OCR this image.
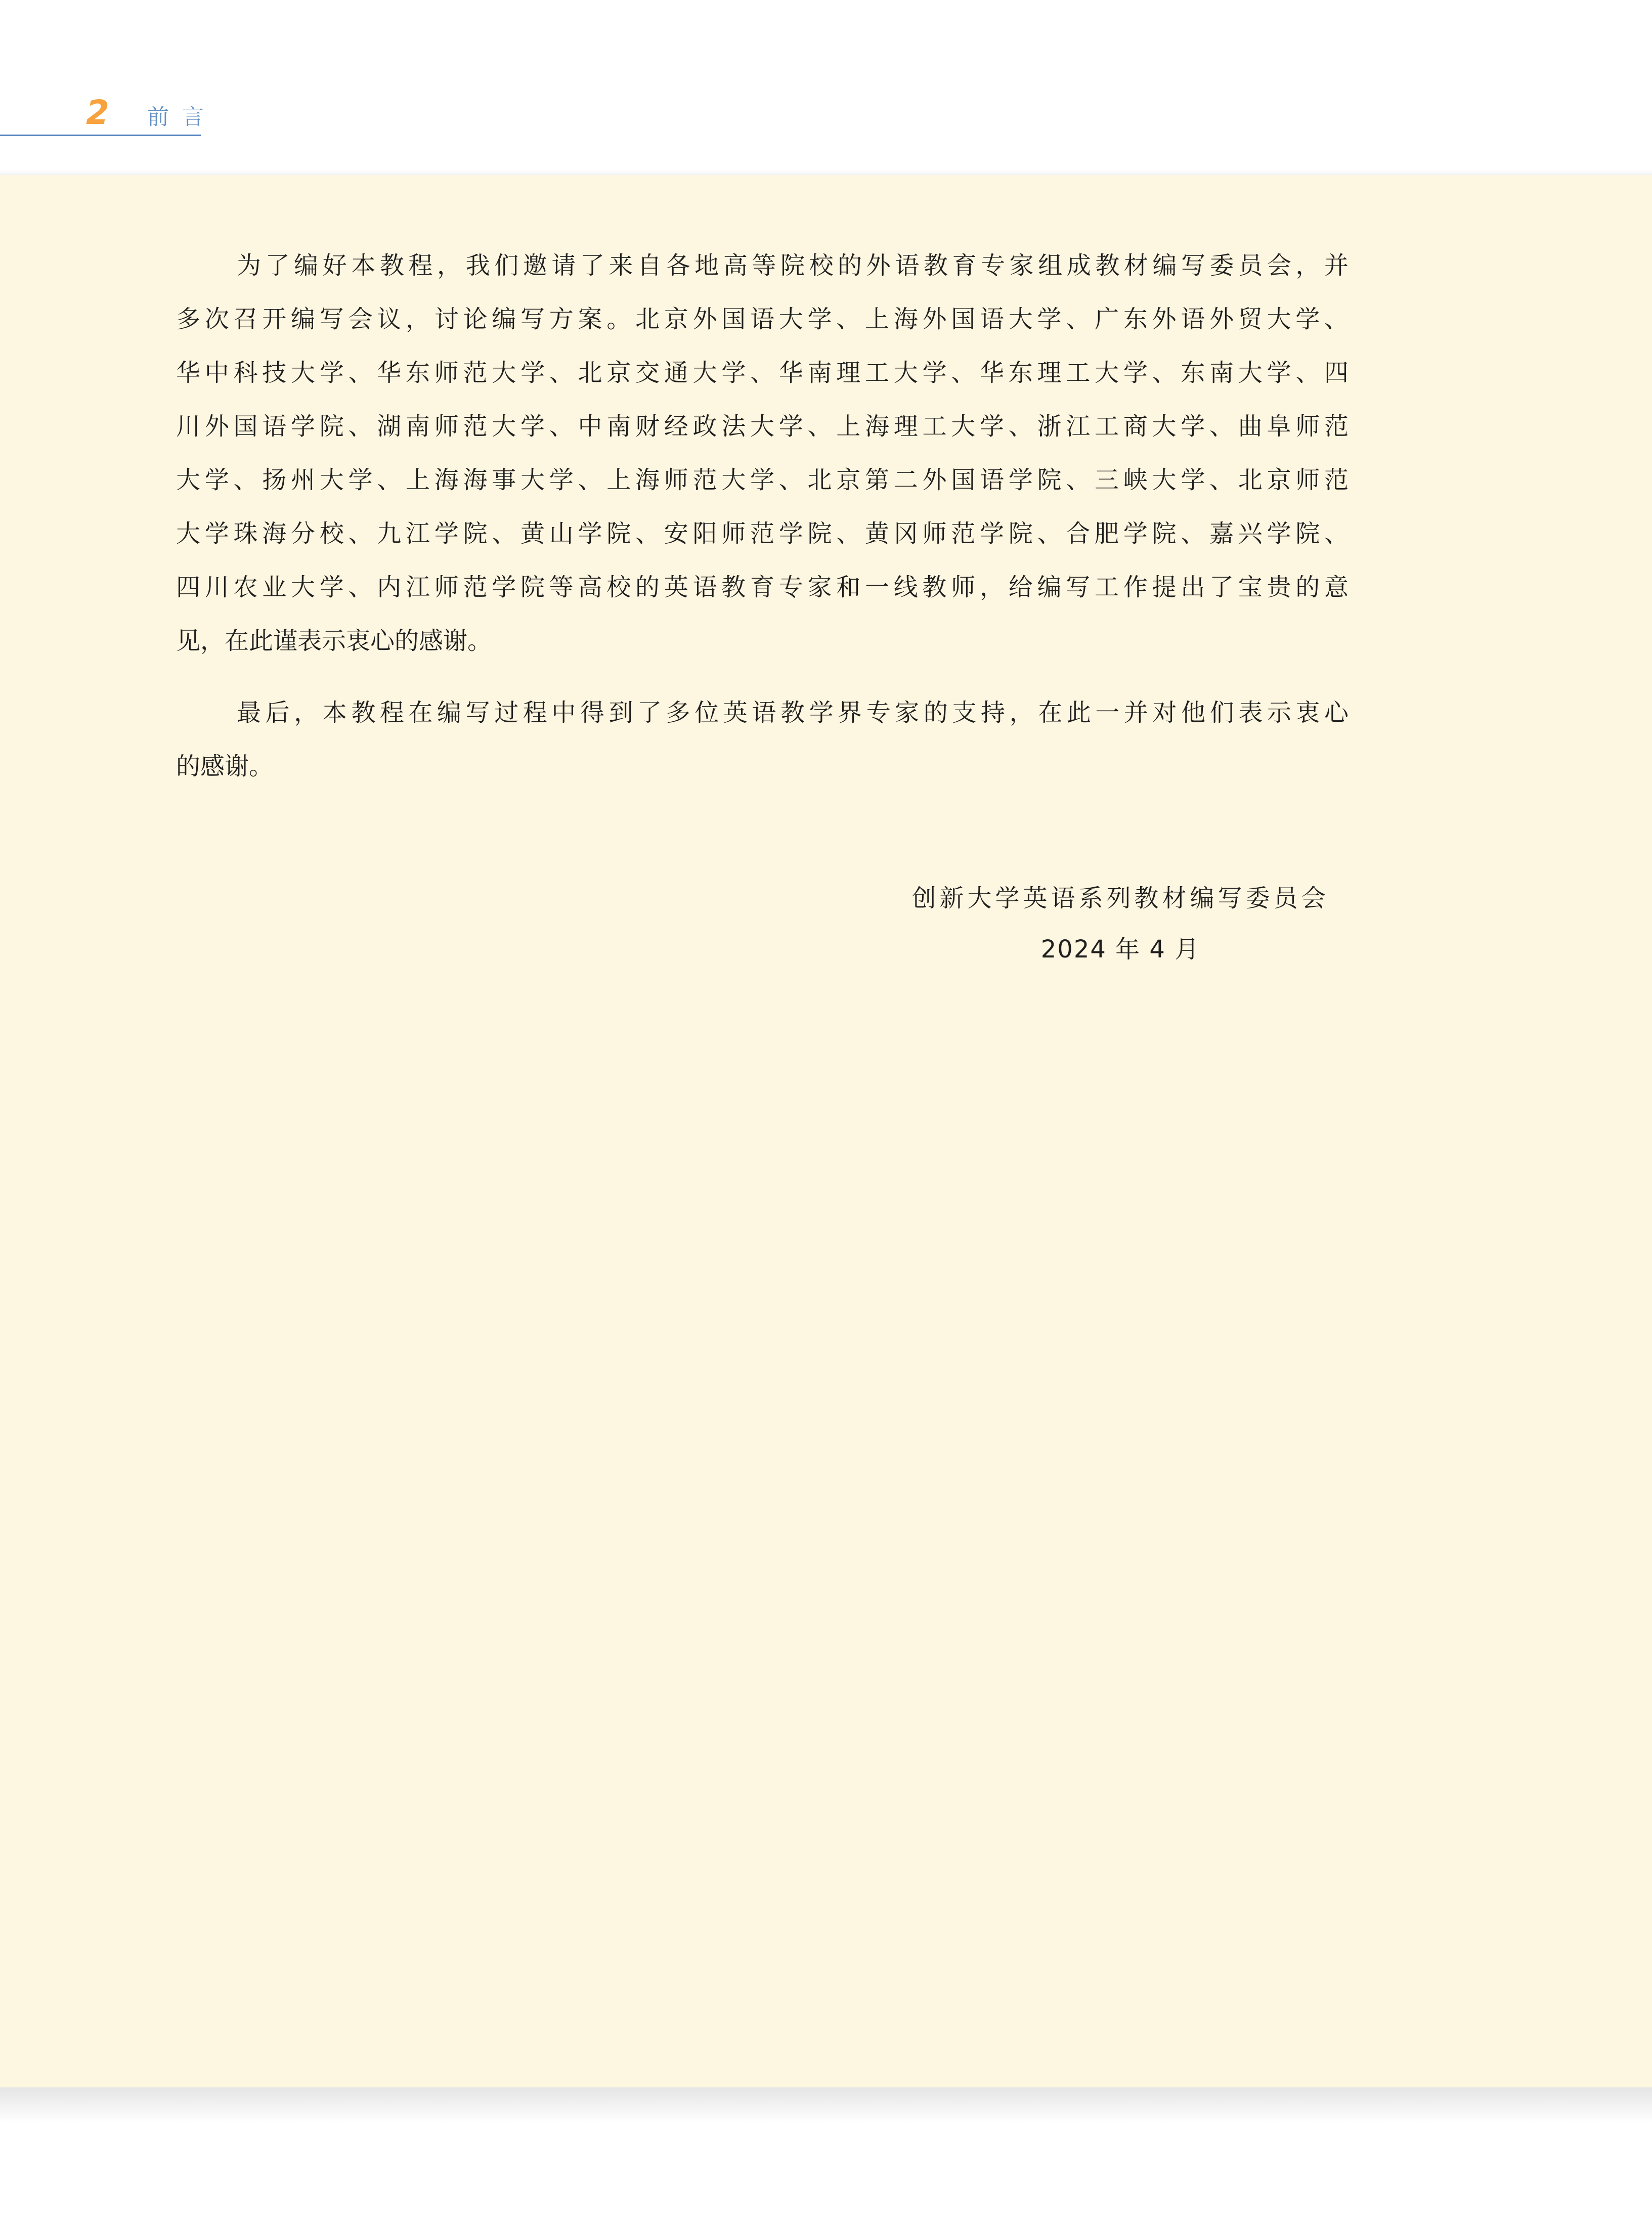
2 前言
为了编好本教程，我们邀请了来自各地高等院校的外语教育专家组成教材编写委员会，并
多次召开编写会议，讨论编写方案。北京外国语大学、上海外国语大学、广东外语外贸大学、
华中科技大学、华东师范大学、北京交通大学、华南理工大学、华东理工大学、东南大学、四
川外国语学院、湖南师范大学、中南财经政法大学、上海理工大学、浙江工商大学、曲阜师范
大学、扬州大学、上海海事大学、上海师范大学、北京第二外国语学院、三峡大学、北京师范
大学珠海分校、九江学院、黄山学院、安阳师范学院、黄冈师范学院、合肥学院、嘉兴学院、
四川农业大学、内江师范学院等高校的英语教育专家和一线教师，给编写工作提出了宝贵的意
见，在此谨表示衷心的感谢。
最后，本教程在编写过程中得到了多位英语教学界专家的支持，在此一并对他们表示衷心
的感谢。
创新大学英语系列教材编写委员会
2024 年 4 月
